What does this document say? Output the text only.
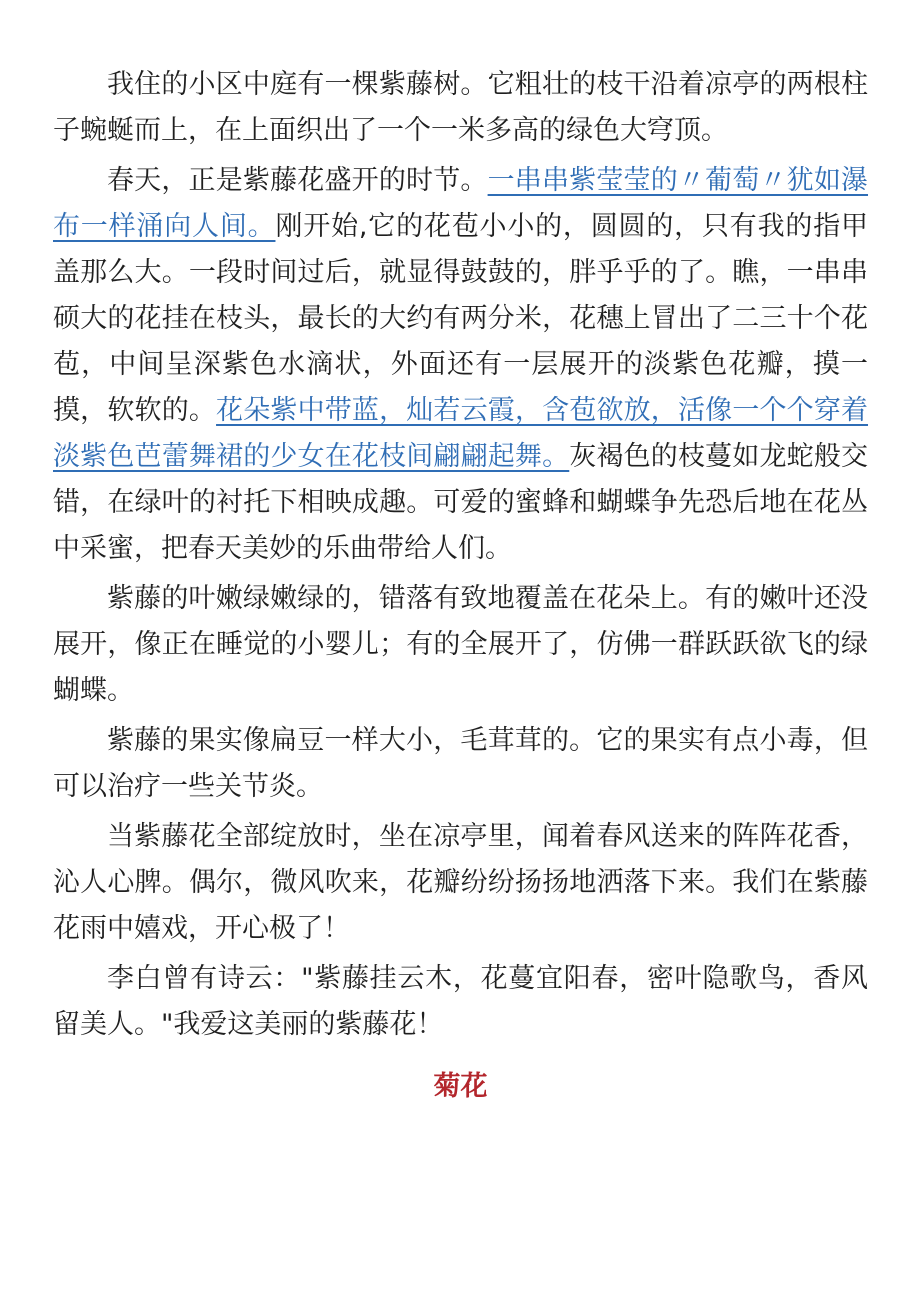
我住的小区中庭有一棵紫藤树。它粗壮的枝干沿着凉亭的两根柱子蜿蜒而上，在上面织出了一个一米多高的绿色大穹顶。

春天，正是紫藤花盛开的时节。一串串紫莹莹的〃葡萄〃犹如瀑布一样涌向人间。刚开始,它的花苞小小的，圆圆的，只有我的指甲盖那么大。一段时间过后，就显得鼓鼓的，胖乎乎的了。瞧，一串串硕大的花挂在枝头，最长的大约有两分米，花穗上冒出了二三十个花苞，中间呈深紫色水滴状，外面还有一层展开的淡紫色花瓣，摸一摸，软软的。花朵紫中带蓝，灿若云霞，含苞欲放，活像一个个穿着淡紫色芭蕾舞裙的少女在花枝间翩翩起舞。灰褐色的枝蔓如龙蛇般交错，在绿叶的衬托下相映成趣。可爱的蜜蜂和蝴蝶争先恐后地在花丛中采蜜，把春天美妙的乐曲带给人们。

紫藤的叶嫩绿嫩绿的，错落有致地覆盖在花朵上。有的嫩叶还没展开，像正在睡觉的小婴儿；有的全展开了，仿佛一群跃跃欲飞的绿蝴蝶。

紫藤的果实像扁豆一样大小，毛茸茸的。它的果实有点小毒，但可以治疗一些关节炎。

当紫藤花全部绽放时，坐在凉亭里，闻着春风送来的阵阵花香，沁人心脾。偶尔，微风吹来，花瓣纷纷扬扬地洒落下来。我们在紫藤花雨中嬉戏，开心极了！

李白曾有诗云："紫藤挂云木，花蔓宜阳春，密叶隐歌鸟，香风留美人。"我爱这美丽的紫藤花！

菊花
